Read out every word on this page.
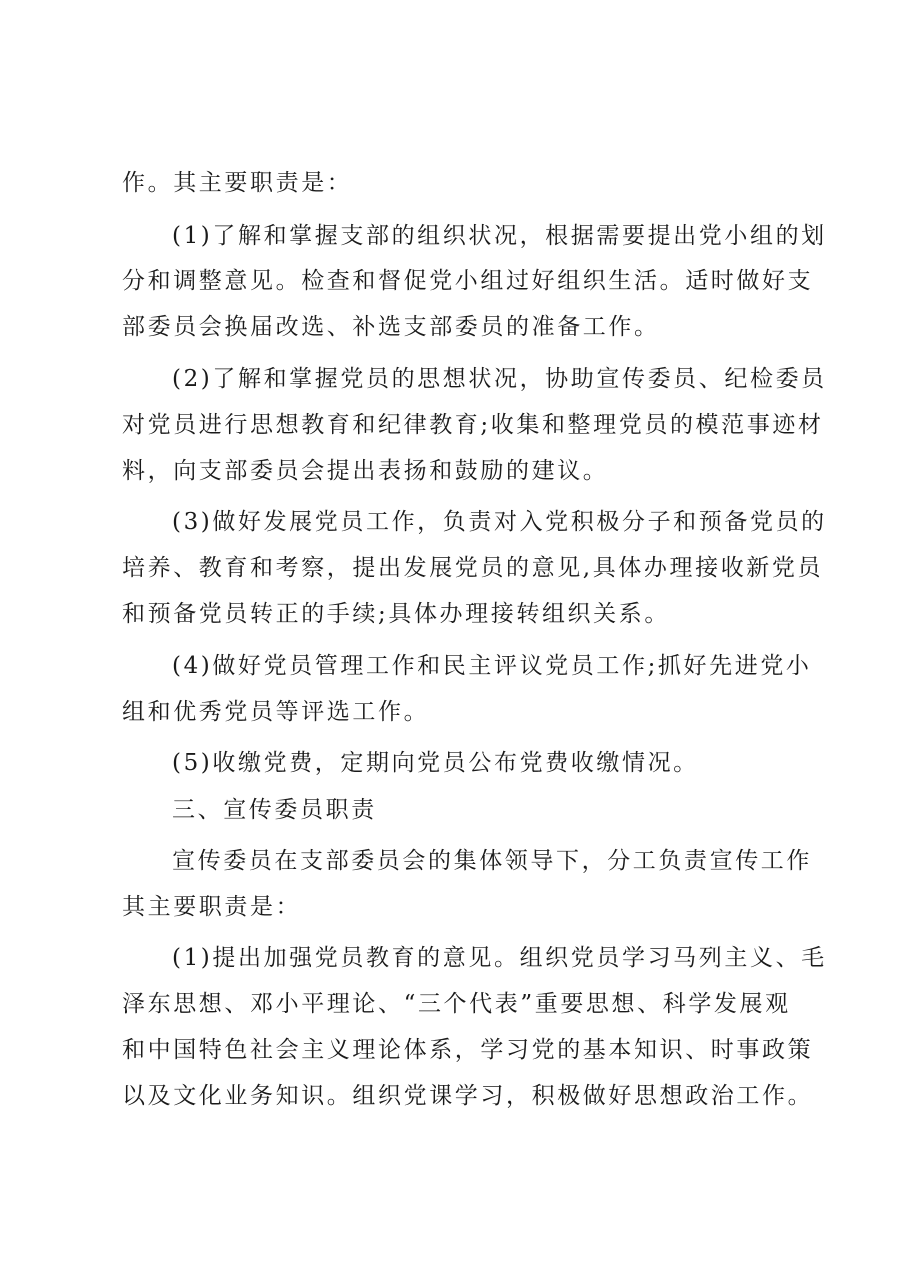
作。其主要职责是：
(1)了解和掌握支部的组织状况，根据需要提出党小组的划
分和调整意见。检查和督促党小组过好组织生活。适时做好支
部委员会换届改选、补选支部委员的准备工作。
(2)了解和掌握党员的思想状况，协助宣传委员、纪检委员
对党员进行思想教育和纪律教育;收集和整理党员的模范事迹材
料，向支部委员会提出表扬和鼓励的建议。
(3)做好发展党员工作，负责对入党积极分子和预备党员的
培养、教育和考察，提出发展党员的意见,具体办理接收新党员
和预备党员转正的手续;具体办理接转组织关系。
(4)做好党员管理工作和民主评议党员工作;抓好先进党小
组和优秀党员等评选工作。
(5)收缴党费，定期向党员公布党费收缴情况。
三、宣传委员职责
宣传委员在支部委员会的集体领导下，分工负责宣传工作
其主要职责是：
(1)提出加强党员教育的意见。组织党员学习马列主义、毛
泽东思想、邓小平理论、“三个代表”重要思想、科学发展观
和中国特色社会主义理论体系，学习党的基本知识、时事政策
以及文化业务知识。组织党课学习，积极做好思想政治工作。
